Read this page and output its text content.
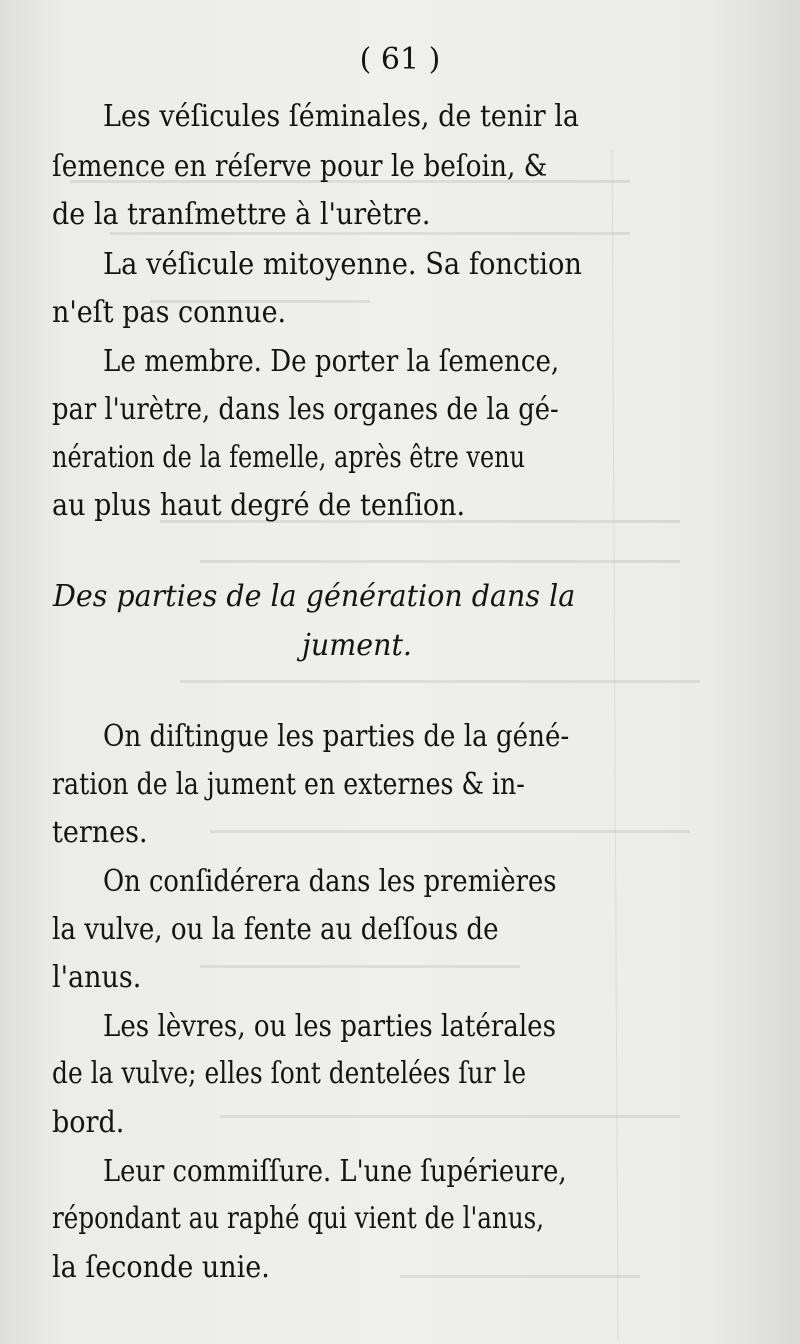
( 61 )
Les véſicules ſéminales, de tenir la
ſemence en réſerve pour le beſoin, &
de la tranſmettre à l'urètre.
La véſicule mitoyenne. Sa fonction
n'eſt pas connue.
Le membre. De porter la ſemence,
par l'urètre, dans les organes de la gé-
nération de la femelle, après être venu
au plus haut degré de tenſion.
Des parties de la génération dans la
jument.
On diſtingue les parties de la géné-
ration de la jument en externes & in-
ternes.
On conſidérera dans les premières
la vulve, ou la fente au deſſous de
l'anus.
Les lèvres, ou les parties latérales
de la vulve; elles ſont dentelées ſur le
bord.
Leur commiſſure. L'une ſupérieure,
répondant au raphé qui vient de l'anus,
la ſeconde unie.
